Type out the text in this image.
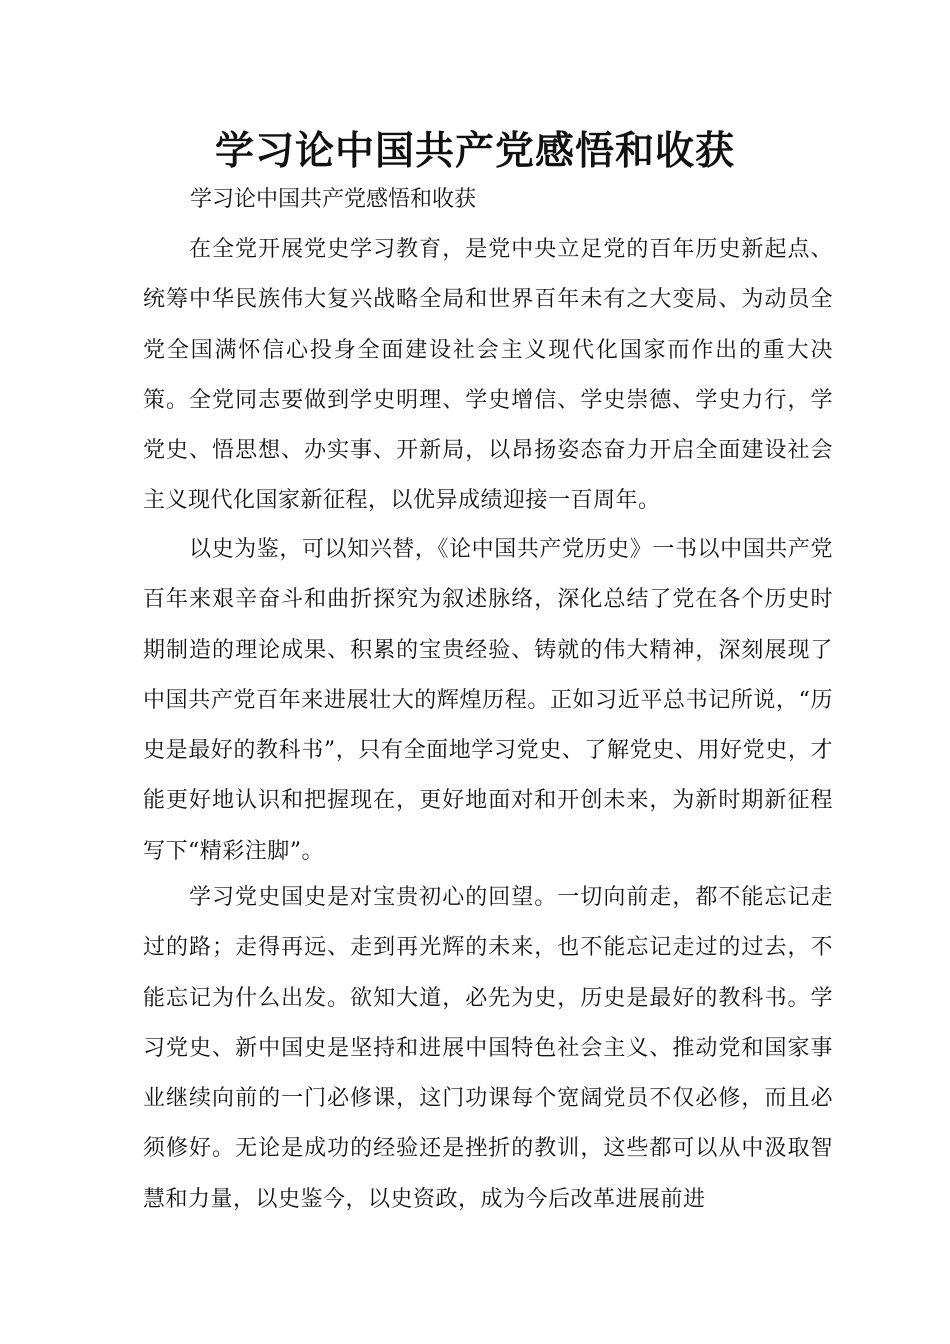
学习论中国共产党感悟和收获

学习论中国共产党感悟和收获

在全党开展党史学习教育，是党中央立足党的百年历史新起点、统筹中华民族伟大复兴战略全局和世界百年未有之大变局、为动员全党全国满怀信心投身全面建设社会主义现代化国家而作出的重大决策。全党同志要做到学史明理、学史增信、学史崇德、学史力行，学党史、悟思想、办实事、开新局，以昂扬姿态奋力开启全面建设社会主义现代化国家新征程，以优异成绩迎接一百周年。

以史为鉴，可以知兴替，《论中国共产党历史》一书以中国共产党百年来艰辛奋斗和曲折探究为叙述脉络，深化总结了党在各个历史时期制造的理论成果、积累的宝贵经验、铸就的伟大精神，深刻展现了中国共产党百年来进展壮大的辉煌历程。正如习近平总书记所说，“历史是最好的教科书”，只有全面地学习党史、了解党史、用好党史，才能更好地认识和把握现在，更好地面对和开创未来，为新时期新征程写下“精彩注脚”。

学习党史国史是对宝贵初心的回望。一切向前走，都不能忘记走过的路；走得再远、走到再光辉的未来，也不能忘记走过的过去，不能忘记为什么出发。欲知大道，必先为史，历史是最好的教科书。学习党史、新中国史是坚持和进展中国特色社会主义、推动党和国家事业继续向前的一门必修课，这门功课每个宽阔党员不仅必修，而且必须修好。无论是成功的经验还是挫折的教训，这些都可以从中汲取智慧和力量，以史鉴今，以史资政，成为今后改革进展前进
